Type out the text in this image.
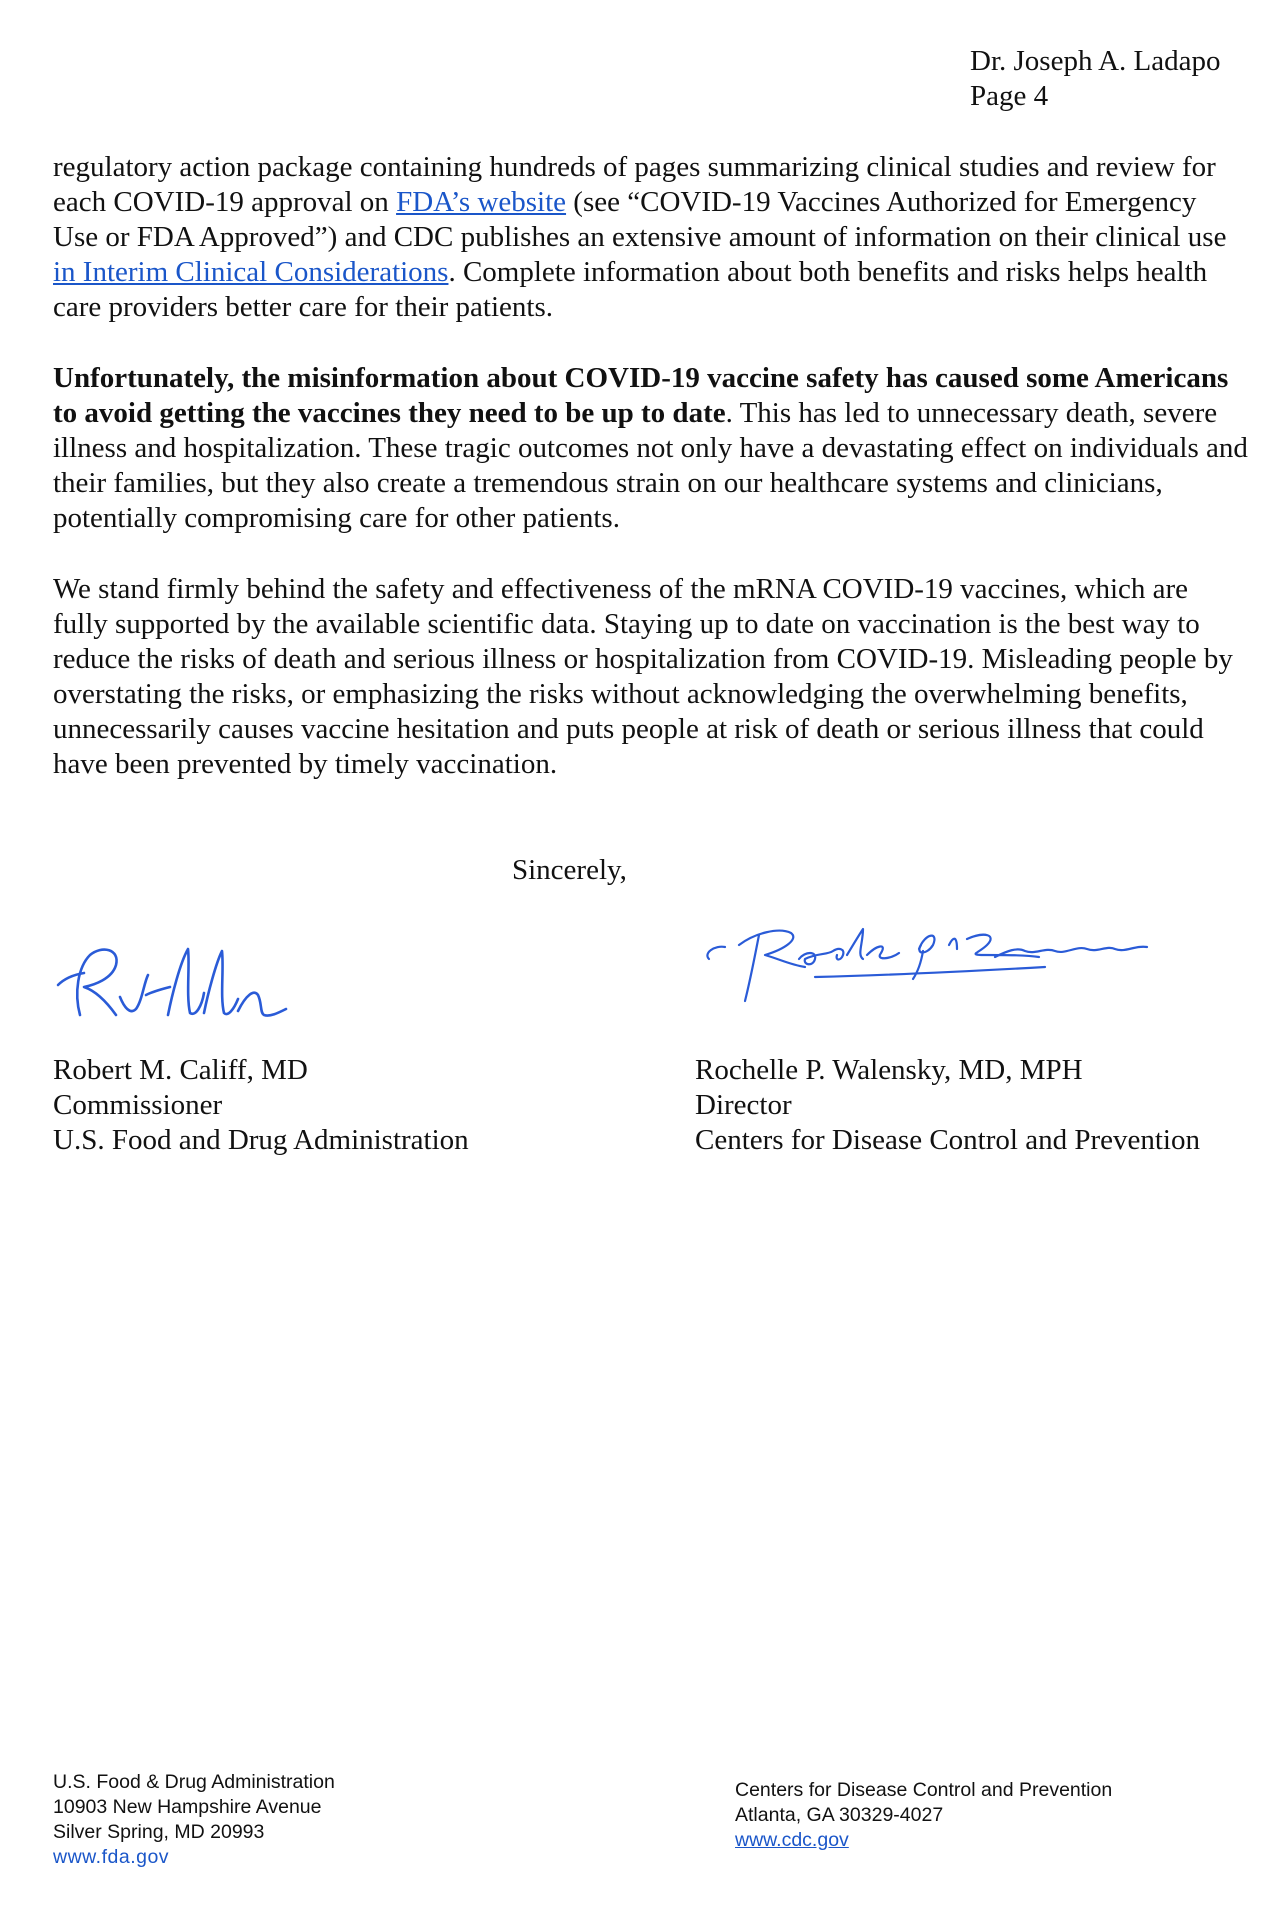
Dr. Joseph A. Ladapo
Page 4

regulatory action package containing hundreds of pages summarizing clinical studies and review for each COVID-19 approval on FDA’s website (see “COVID-19 Vaccines Authorized for Emergency Use or FDA Approved”) and CDC publishes an extensive amount of information on their clinical use in Interim Clinical Considerations. Complete information about both benefits and risks helps health care providers better care for their patients.

Unfortunately, the misinformation about COVID-19 vaccine safety has caused some Americans to avoid getting the vaccines they need to be up to date. This has led to unnecessary death, severe illness and hospitalization. These tragic outcomes not only have a devastating effect on individuals and their families, but they also create a tremendous strain on our healthcare systems and clinicians, potentially compromising care for other patients.

We stand firmly behind the safety and effectiveness of the mRNA COVID-19 vaccines, which are fully supported by the available scientific data. Staying up to date on vaccination is the best way to reduce the risks of death and serious illness or hospitalization from COVID-19. Misleading people by overstating the risks, or emphasizing the risks without acknowledging the overwhelming benefits, unnecessarily causes vaccine hesitation and puts people at risk of death or serious illness that could have been prevented by timely vaccination.

Sincerely,
Robert M. Califf, MD
Commissioner
U.S. Food and Drug Administration
Rochelle P. Walensky, MD, MPH
Director
Centers for Disease Control and Prevention
U.S. Food & Drug Administration
10903 New Hampshire Avenue
Silver Spring, MD 20993
www.fda.gov
Centers for Disease Control and Prevention
Atlanta, GA 30329-4027
www.cdc.gov
